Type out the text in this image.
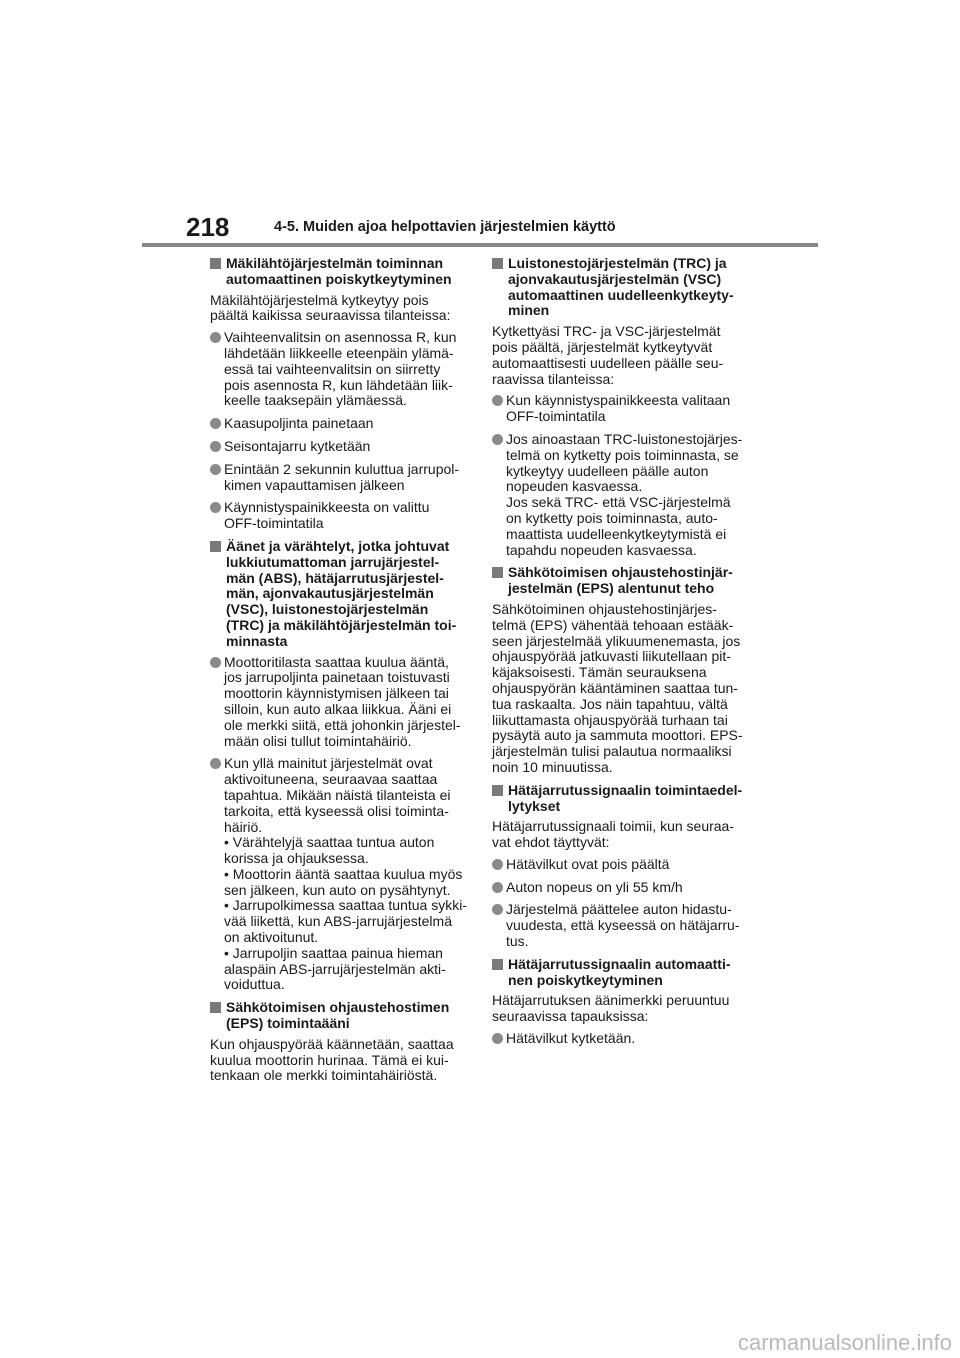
218	4-5. Muiden ajoa helpottavien järjestelmien käyttö
Mäkilähtöjärjestelmän toiminnan
automaattinen poiskytkeytyminen
Mäkilähtöjärjestelmä kytkeytyy pois
päältä kaikissa seuraavissa tilanteissa:
Vaihteenvalitsin on asennossa R, kun
lähdetään liikkeelle eteenpäin ylämä-
essä tai vaihteenvalitsin on siirretty
pois asennosta R, kun lähdetään liik-
keelle taaksepäin ylämäessä.
Kaasupoljinta painetaan
Seisontajarru kytketään
Enintään 2 sekunnin kuluttua jarrupol-
kimen vapauttamisen jälkeen
Käynnistyspainikkeesta on valittu
OFF-toimintatila
Äänet ja värähtelyt, jotka johtuvat
lukkiutumattoman jarrujärjestel-
män (ABS), hätäjarrutusjärjestel-
män, ajonvakautusjärjestelmän
(VSC), luistonestojärjestelmän
(TRC) ja mäkilähtöjärjestelmän toi-
minnasta
Moottoritilasta saattaa kuulua ääntä,
jos jarrupoljinta painetaan toistuvasti
moottorin käynnistymisen jälkeen tai
silloin, kun auto alkaa liikkua. Ääni ei
ole merkki siitä, että johonkin järjestel-
mään olisi tullut toimintahäiriö.
Kun yllä mainitut järjestelmät ovat
aktivoituneena, seuraavaa saattaa
tapahtua. Mikään näistä tilanteista ei
tarkoita, että kyseessä olisi toiminta-
häiriö.
• Värähtelyjä saattaa tuntua auton
korissa ja ohjauksessa.
• Moottorin ääntä saattaa kuulua myös
sen jälkeen, kun auto on pysähtynyt.
• Jarrupolkimessa saattaa tuntua sykki-
vää liikettä, kun ABS-jarrujärjestelmä
on aktivoitunut.
• Jarrupoljin saattaa painua hieman
alaspäin ABS-jarrujärjestelmän akti-
voiduttua.
Sähkötoimisen ohjaustehostimen
(EPS) toimintaääni
Kun ohjauspyörää käännetään, saattaa
kuulua moottorin hurinaa. Tämä ei kui-
tenkaan ole merkki toimintahäiriöstä.
Luistonestojärjestelmän (TRC) ja
ajonvakautusjärjestelmän (VSC)
automaattinen uudelleenkytkeyty-
minen
Kytkettyäsi TRC- ja VSC-järjestelmät
pois päältä, järjestelmät kytkeytyvät
automaattisesti uudelleen päälle seu-
raavissa tilanteissa:
Kun käynnistyspainikkeesta valitaan
OFF-toimintatila
Jos ainoastaan TRC-luistonestojärjes-
telmä on kytketty pois toiminnasta, se
kytkeytyy uudelleen päälle auton
nopeuden kasvaessa.
Jos sekä TRC- että VSC-järjestelmä
on kytketty pois toiminnasta, auto-
maattista uudelleenkytkeytymistä ei
tapahdu nopeuden kasvaessa.
Sähkötoimisen ohjaustehostinjär-
jestelmän (EPS) alentunut teho
Sähkötoiminen ohjaustehostinjärjes-
telmä (EPS) vähentää tehoaan estääk-
seen järjestelmää ylikuumenemasta, jos
ohjauspyörää jatkuvasti liikutellaan pit-
käjaksoisesti. Tämän seurauksena
ohjauspyörän kääntäminen saattaa tun-
tua raskaalta. Jos näin tapahtuu, vältä
liikuttamasta ohjauspyörää turhaan tai
pysäytä auto ja sammuta moottori. EPS-
järjestelmän tulisi palautua normaaliksi
noin 10 minuutissa.
Hätäjarrutussignaalin toimintaedel-
lytykset
Hätäjarrutussignaali toimii, kun seuraa-
vat ehdot täyttyvät:
Hätävilkut ovat pois päältä
Auton nopeus on yli 55 km/h
Järjestelmä päättelee auton hidastu-
vuudesta, että kyseessä on hätäjarru-
tus.
Hätäjarrutussignaalin automaatti-
nen poiskytkeytyminen
Hätäjarrutuksen äänimerkki peruuntuu
seuraavissa tapauksissa:
Hätävilkut kytketään.
carmanualsonline.info
